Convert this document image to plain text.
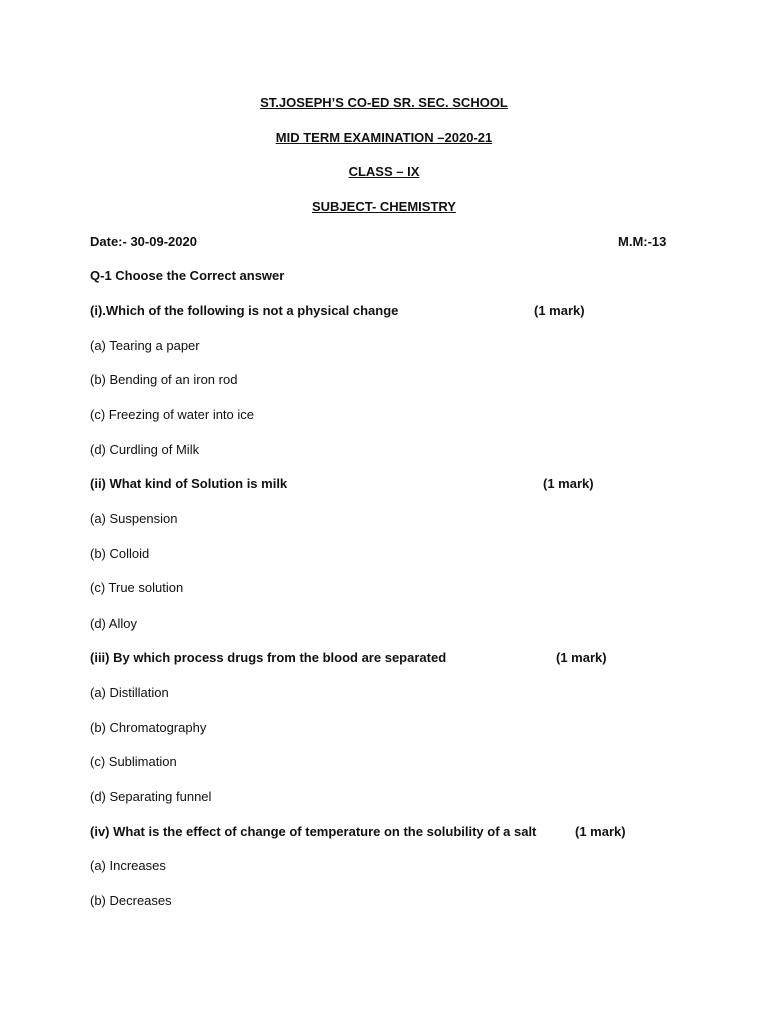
ST.JOSEPH’S CO-ED SR. SEC. SCHOOL
MID TERM EXAMINATION –2020-21
CLASS – IX
SUBJECT- CHEMISTRY
Date:- 30-09-2020	M.M:-13
Q-1 Choose the Correct answer
(i).Which of the following is not a physical change	(1 mark)
(a) Tearing a paper
(b) Bending of an iron rod
(c) Freezing of water into ice
(d) Curdling of Milk
(ii) What kind of Solution is milk	(1 mark)
(a) Suspension
(b) Colloid
(c) True solution
(d) Alloy
(iii) By which process drugs from the blood are separated	(1 mark)
(a) Distillation
(b) Chromatography
(c) Sublimation
(d) Separating funnel
(iv) What is the effect of change of temperature on the solubility of a salt	(1 mark)
(a) Increases
(b) Decreases
